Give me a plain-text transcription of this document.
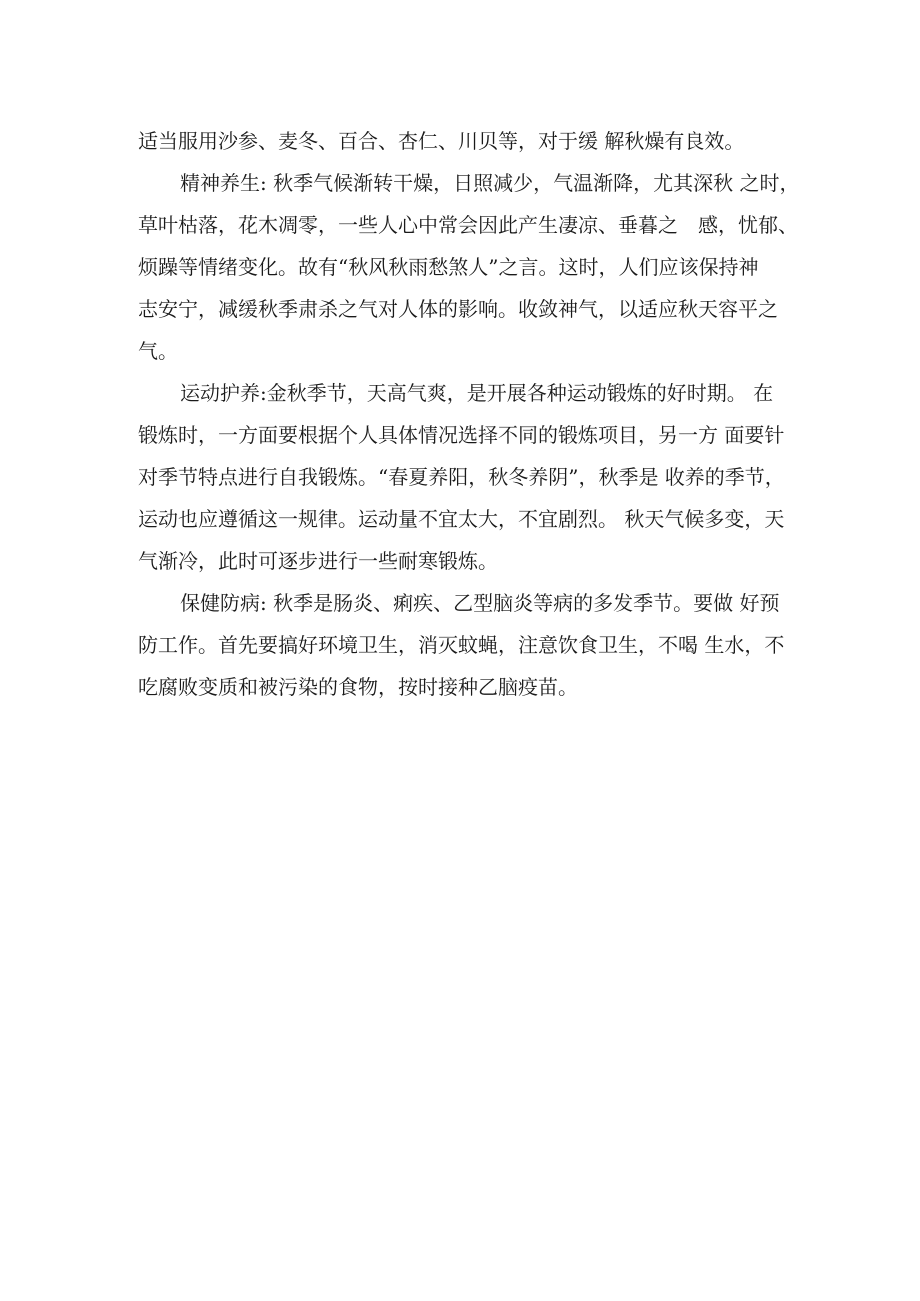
适当服用沙参、麦冬、百合、杏仁、川贝等，对于缓 解秋燥有良效。
精神养生: 秋季气候渐转干燥，日照减少，气温渐降，尤其深秋 之时，
草叶枯落，花木凋零，一些人心中常会因此产生凄凉、垂暮之　感，忧郁、
烦躁等情绪变化。故有“秋风秋雨愁煞人”之言。这时，人们应该保持神
志安宁，减缓秋季肃杀之气对人体的影响。收敛神气，以适应秋天容平之
气。
运动护养:金秋季节，天高气爽，是开展各种运动锻炼的好时期。 在
锻炼时，一方面要根据个人具体情况选择不同的锻炼项目，另一方 面要针
对季节特点进行自我锻炼。“春夏养阳，秋冬养阴”，秋季是 收养的季节，
运动也应遵循这一规律。运动量不宜太大，不宜剧烈。 秋天气候多变，天
气渐冷，此时可逐步进行一些耐寒锻炼。
保健防病: 秋季是肠炎、痢疾、乙型脑炎等病的多发季节。要做 好预
防工作。首先要搞好环境卫生，消灭蚊蝇，注意饮食卫生，不喝 生水，不
吃腐败变质和被污染的食物，按时接种乙脑疫苗。
